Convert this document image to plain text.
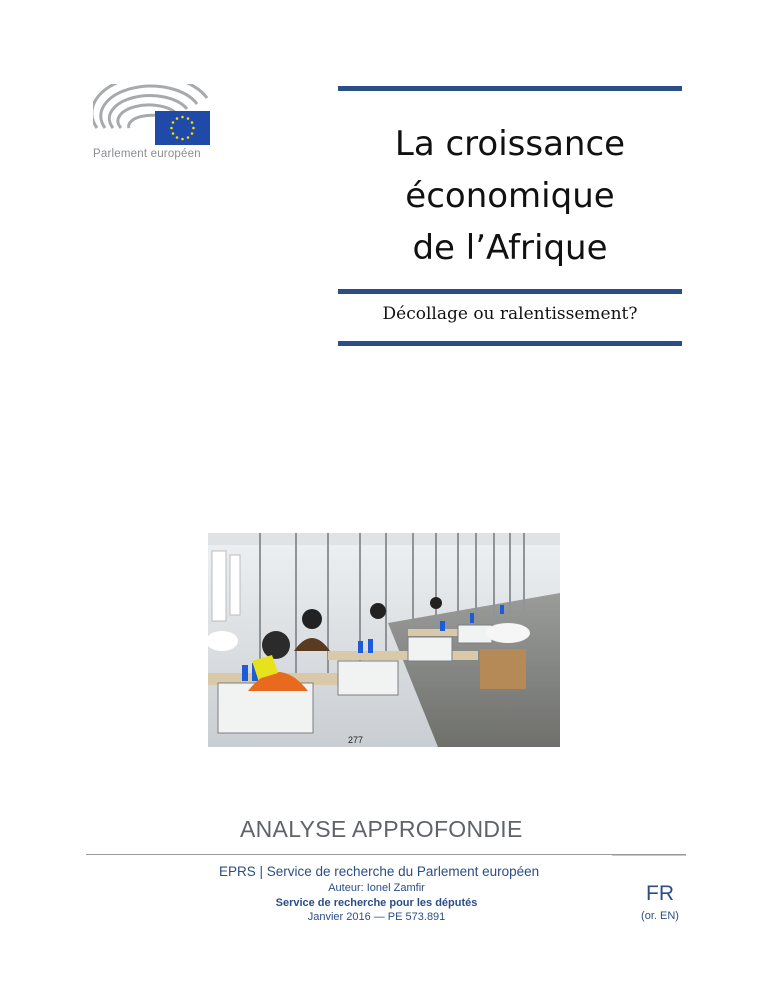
Parlement européen	La croissance
économique
de l’Afrique
Décollage ou ralentissement?
277
ANALYSE APPROFONDIE
EPRS | Service de recherche du Parlement européen
Auteur: Ionel Zamfir
Service de recherche pour les députés
Janvier 2016 — PE 573.891
FR
(or. EN)
